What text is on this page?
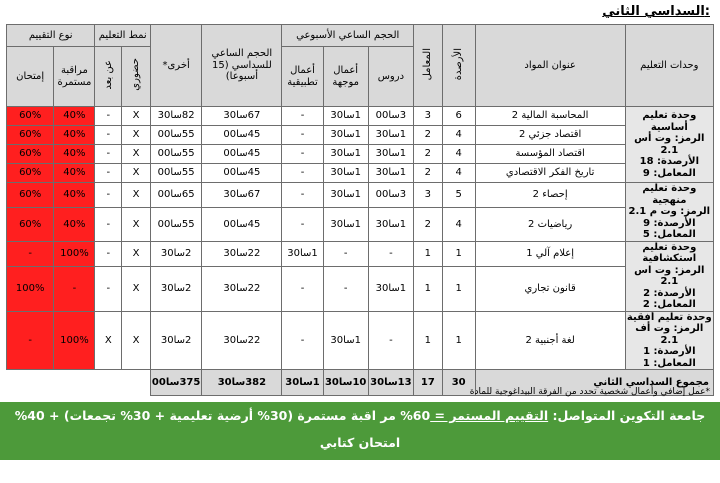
السداسي الثاني:
وحدات التعليم	عنوان المواد	الأرصدة	المعامل	الحجم الساعي الأسبوعي			الحجم الساعي للسداسي (15 أسبوعا)	أخرى*	نمط التعليم		نوع التقييم	
				دروس	أعمال موجهة	أعمال تطبيقية			حضوري	عن بعد	مراقبة مستمرة	إمتحان

وحدة تعليم أساسية
الرمز: وت أس 2.1
الأرصدة: 18
المعامل: 9	المحاسبة المالية 2	6	3	3سا00	1سا30	-	67سا30	82سا30	X	-	40%	60%
	اقتصاد جزئي 2	4	2	1سا30	1سا30	-	45سا00	55سا00	X	-	40%	60%
	اقتصاد المؤسسة	4	2	1سا30	1سا30	-	45سا00	55سا00	X	-	40%	60%
	تاريخ الفكر الاقتصادي	4	2	1سا30	1سا30	-	45سا00	55سا00	X	-	40%	60%

وحدة تعليم منهجية
الرمز: وت م 2.1
الأرصدة: 9
المعامل: 5	إحصاء 2	5	3	3سا00	1سا30	-	67سا30	65سا00	X	-	40%	60%
	رياضيات 2	4	2	1سا30	1سا30	-	45سا00	55سا00	X	-	40%	60%

وحدة تعليم استكشافية
الرمز: وت اس 2.1
الأرصدة: 2
المعامل: 2	إعلام آلي 1	1	1	-	-	1سا30	22سا30	2سا30	X	-	100%	-
	قانون تجاري	1	1	1سا30	-	-	22سا30	2سا30	X	-	-	100%

وحدة تعليم أفقية
الرمز: وت أف 2.1
الأرصدة: 1
المعامل: 1	لغة أجنبية 2	1	1	-	1سا30	-	22سا30	2سا30	X	X	100%	-
مجموع السداسي الثاني		30	17	13سا30	10سا30	1سا30	382سا30	375سا00				
*عمل إضافي وأعمال شخصية تحدد من الفرقة البيداغوجية للمادة
جامعة التكوين المتواصل: التقييم المستمر = 60% مر اقبة مستمرة (30% أرضية تعليمية + 30% تجمعات) + 40% امتحان كتابي
المواد غير الأساسية وغير التقنية 60% مر اقبة مستمرة (أرضية تعليمية) + 40% امتحان كتابي
